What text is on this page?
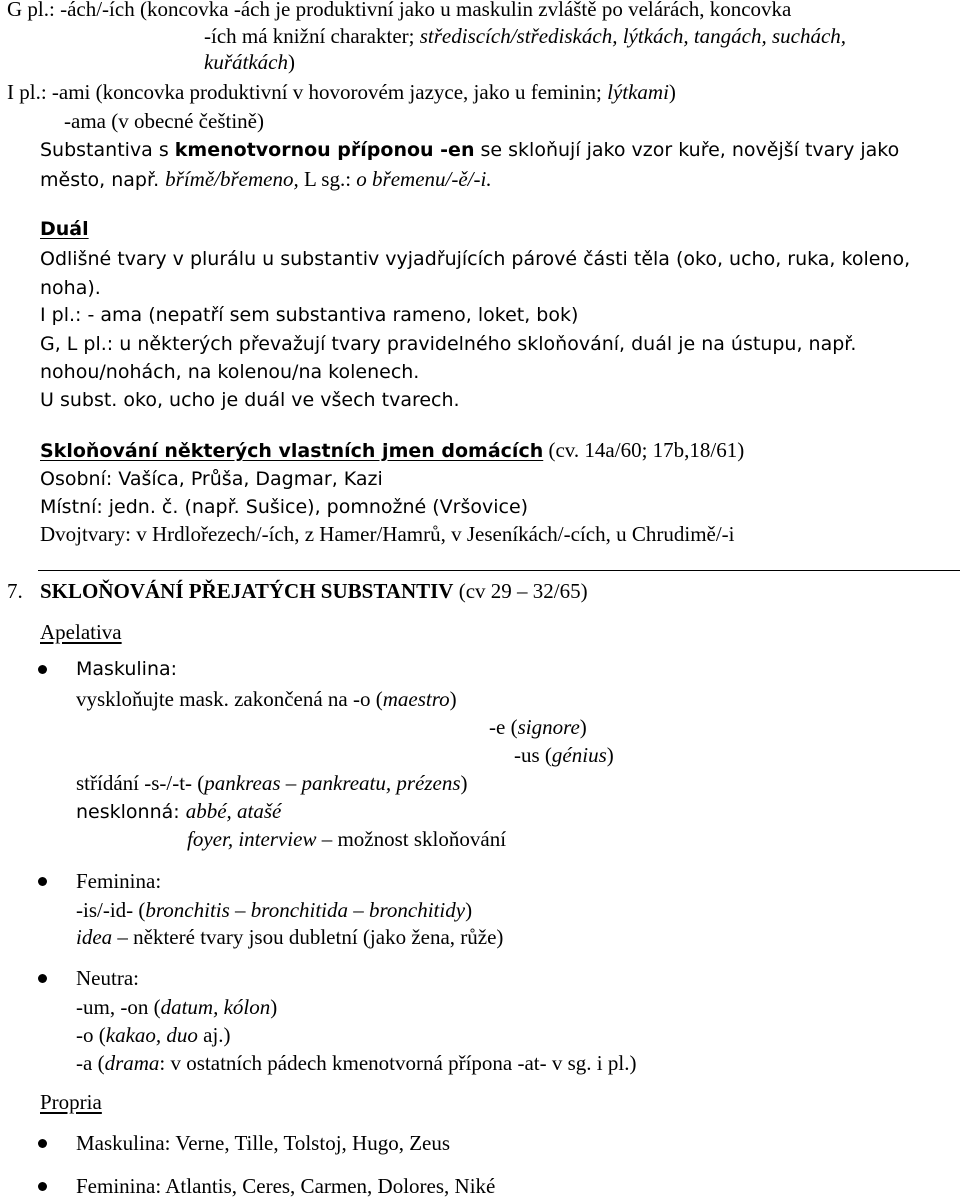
G pl.: -ách/-ích (koncovka -ách je produktivní jako u maskulin zvláště po velárách, koncovka
-ích má knižní charakter; střediscích/střediskách, lýtkách, tangách, suchách,
kuřátkách)
I pl.: -ami (koncovka produktivní v hovorovém jazyce, jako u feminin; lýtkami)
-ama (v obecné češtině)
Substantiva s kmenotvornou příponou -en se skloňují jako vzor kuře, novější tvary jako
město, např. břímě/břemeno, L sg.: o břemenu/-ě/-i.
Duál
Odlišné tvary v plurálu u substantiv vyjadřujících párové části těla (oko, ucho, ruka, koleno,
noha).
I pl.: - ama (nepatří sem substantiva rameno, loket, bok)
G, L pl.: u některých převažují tvary pravidelného skloňování, duál je na ústupu, např.
nohou/nohách, na kolenou/na kolenech.
U subst. oko, ucho je duál ve všech tvarech.
Skloňování některých vlastních jmen domácích (cv. 14a/60; 17b,18/61)
Osobní: Vašíca, Průša, Dagmar, Kazi
Místní: jedn. č. (např. Sušice), pomnožné (Vršovice)
Dvojtvary: v Hrdlořezech/-ích, z Hamer/Hamrů, v Jeseníkách/-cích, u Chrudimě/-i
7. SKLOŇOVÁNÍ PŘEJATÝCH SUBSTANTIV (cv 29 – 32/65)
Apelativa
Maskulina:
vyskloňujte mask. zakončená na -o (maestro)
-e (signore)
-us (génius)
střídání -s-/-t- (pankreas – pankreatu, prézens)
nesklonná: abbé, atašé
foyer, interview – možnost skloňování
Feminina:
-is/-id- (bronchitis – bronchitida – bronchitidy)
idea – některé tvary jsou dubletní (jako žena, růže)
Neutra:
-um, -on (datum, kólon)
-o (kakao, duo aj.)
-a (drama: v ostatních pádech kmenotvorná přípona -at- v sg. i pl.)
Propria
Maskulina: Verne, Tille, Tolstoj, Hugo, Zeus
Feminina: Atlantis, Ceres, Carmen, Dolores, Niké
